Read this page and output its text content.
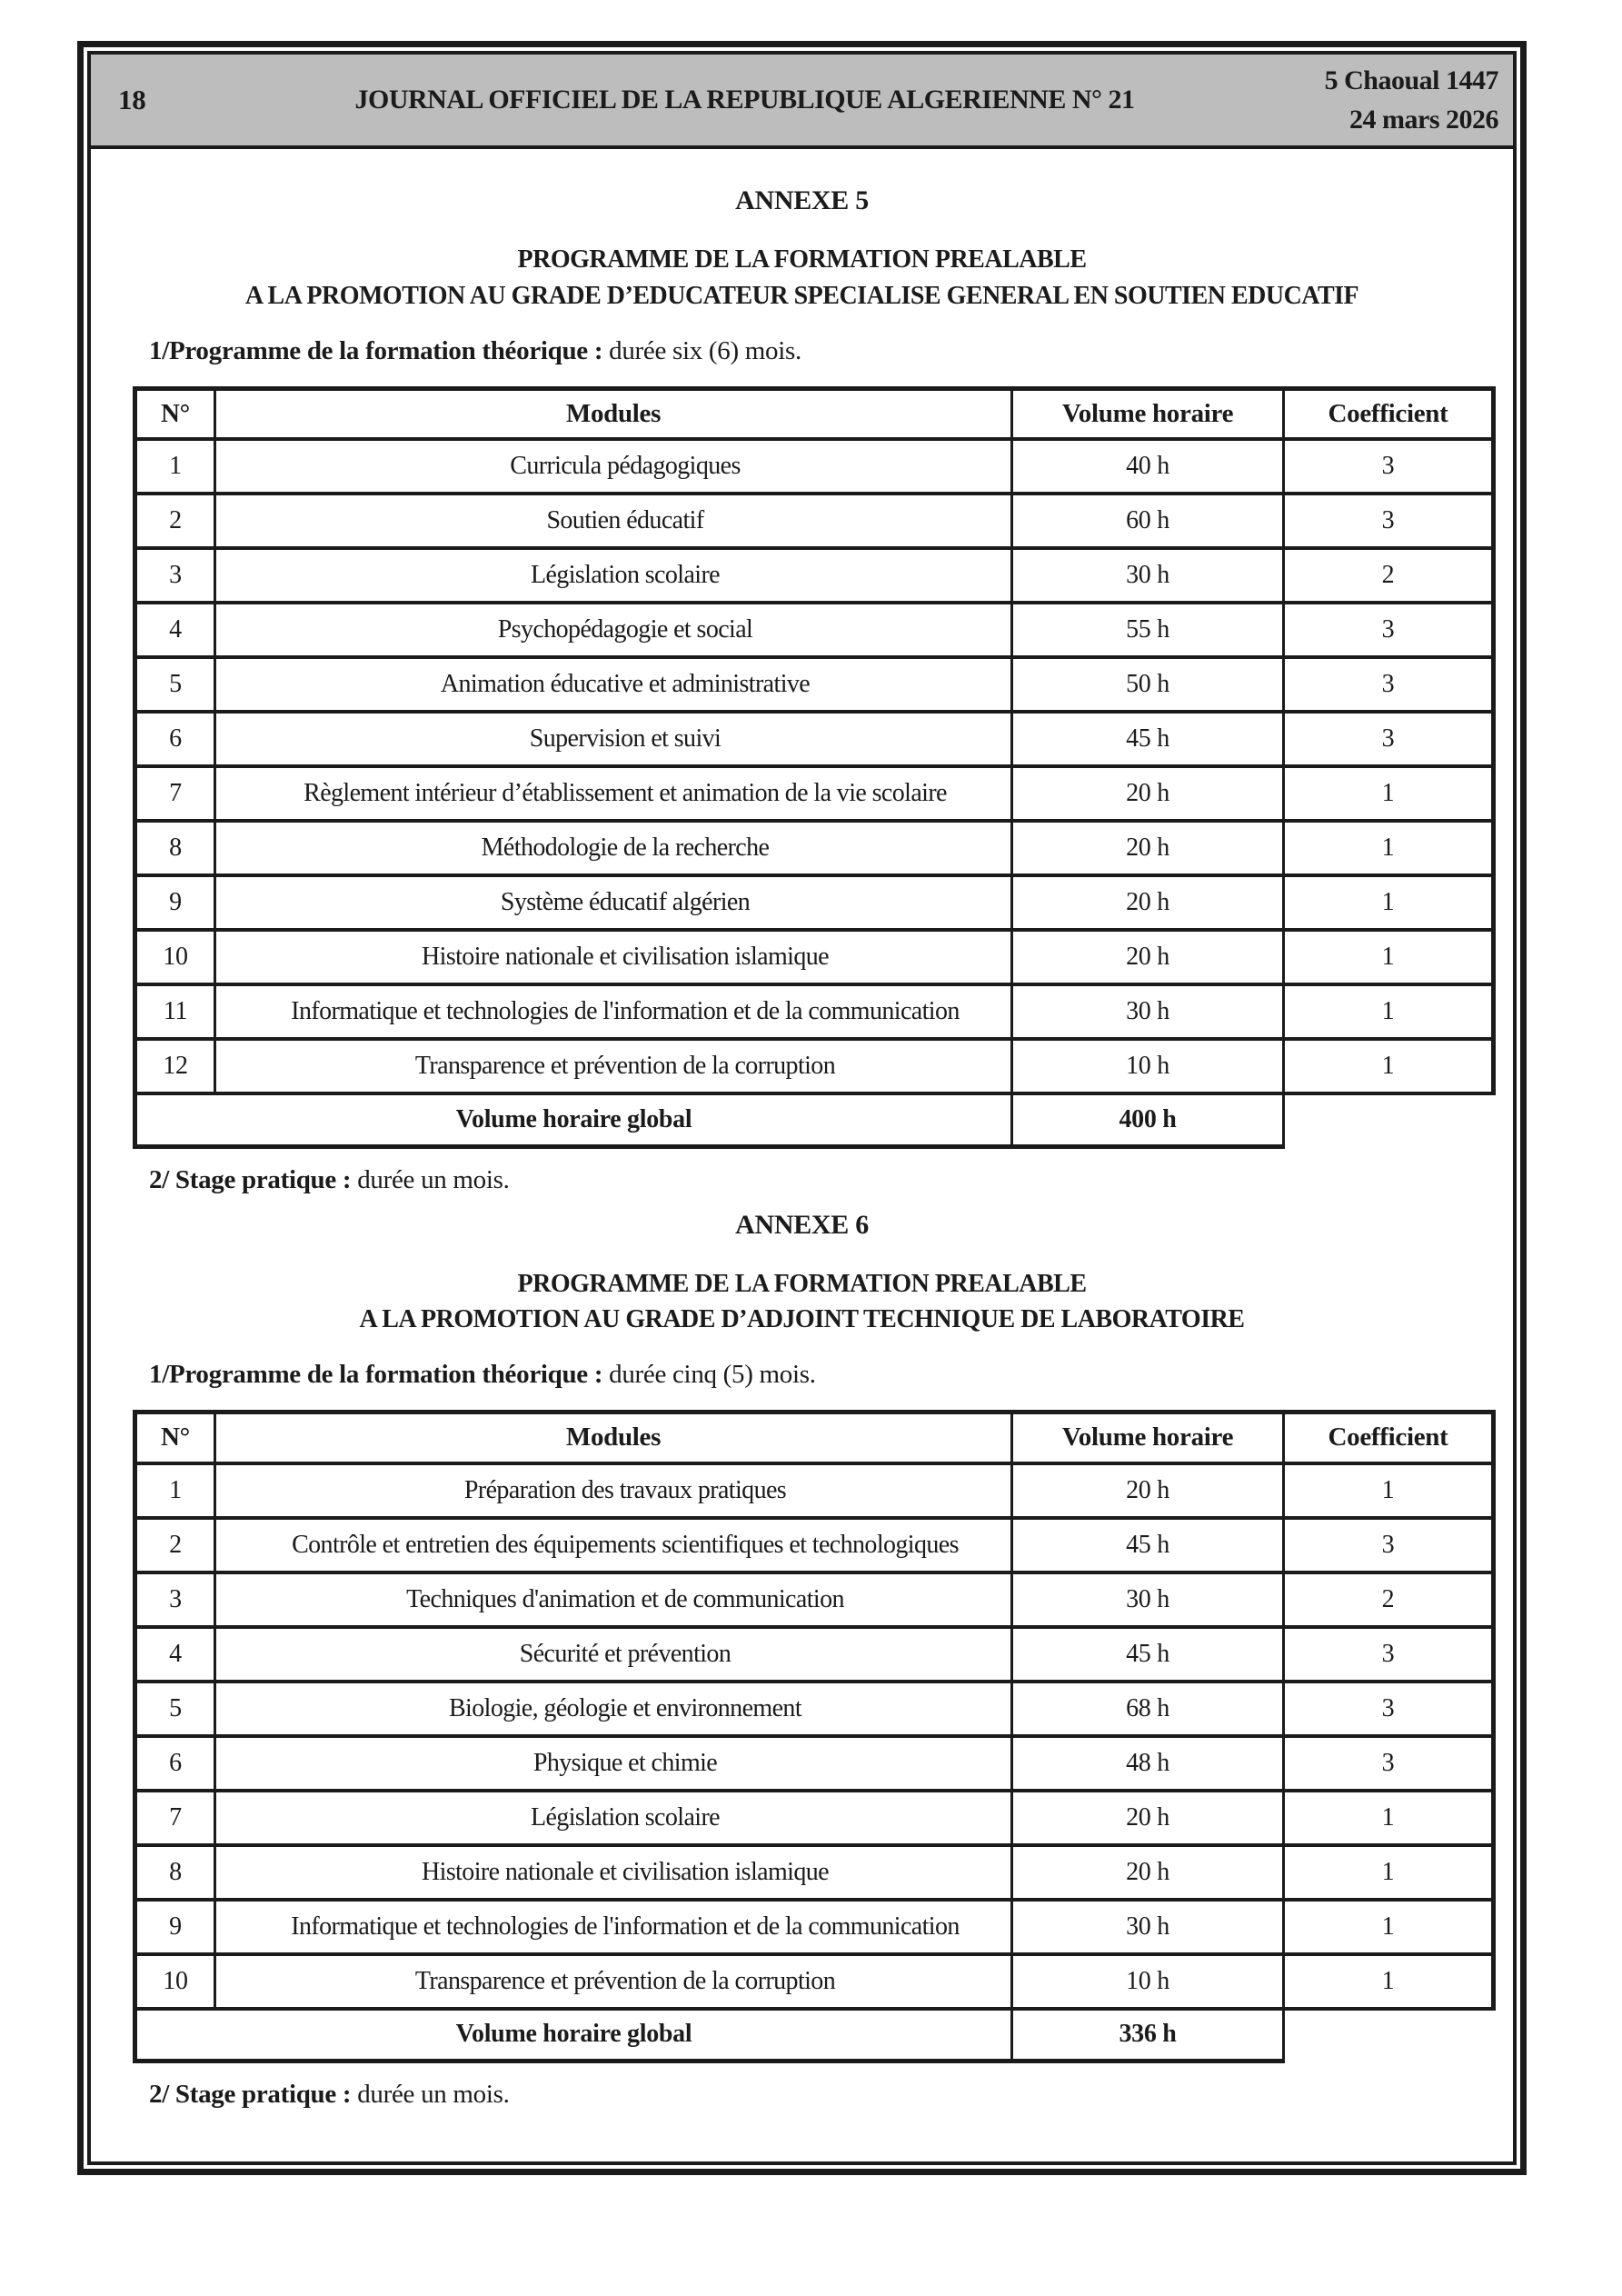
18	JOURNAL OFFICIEL DE LA REPUBLIQUE ALGERIENNE N° 21
5 Chaoual 1447
24 mars 2026
ANNEXE 5
PROGRAMME DE LA FORMATION PREALABLE
A LA PROMOTION AU GRADE D’EDUCATEUR SPECIALISE GENERAL EN SOUTIEN EDUCATIF
1/Programme de la formation théorique : durée six (6) mois.
N°	Modules	Volume horaire	Coefficient
1	Curricula pédagogiques	40 h	3
2	Soutien éducatif	60 h	3
3	Législation scolaire	30 h	2
4	Psychopédagogie et social	55 h	3
5	Animation éducative et administrative	50 h	3
6	Supervision et suivi	45 h	3
7	Règlement intérieur d’établissement et animation de la vie scolaire	20 h	1
8	Méthodologie de la recherche	20 h	1
9	Système éducatif algérien	20 h	1
10	Histoire nationale et civilisation islamique	20 h	1
11	Informatique et technologies de l'information et de la communication	30 h	1
12	Transparence et prévention de la corruption	10 h	1
Volume horaire global		400 h	
2/ Stage pratique : durée un mois.
ANNEXE 6
PROGRAMME DE LA FORMATION PREALABLE
A LA PROMOTION AU GRADE D’ADJOINT TECHNIQUE DE LABORATOIRE
1/Programme de la formation théorique : durée cinq (5) mois.
N°	Modules	Volume horaire	Coefficient
1	Préparation des travaux pratiques	20 h	1
2	Contrôle et entretien des équipements scientifiques et technologiques	45 h	3
3	Techniques d'animation et de communication	30 h	2
4	Sécurité et prévention	45 h	3
5	Biologie, géologie et environnement	68 h	3
6	Physique et chimie	48 h	3
7	Législation scolaire	20 h	1
8	Histoire nationale et civilisation islamique	20 h	1
9	Informatique et technologies de l'information et de la communication	30 h	1
10	Transparence et prévention de la corruption	10 h	1
Volume horaire global		336 h	
2/ Stage pratique : durée un mois.
